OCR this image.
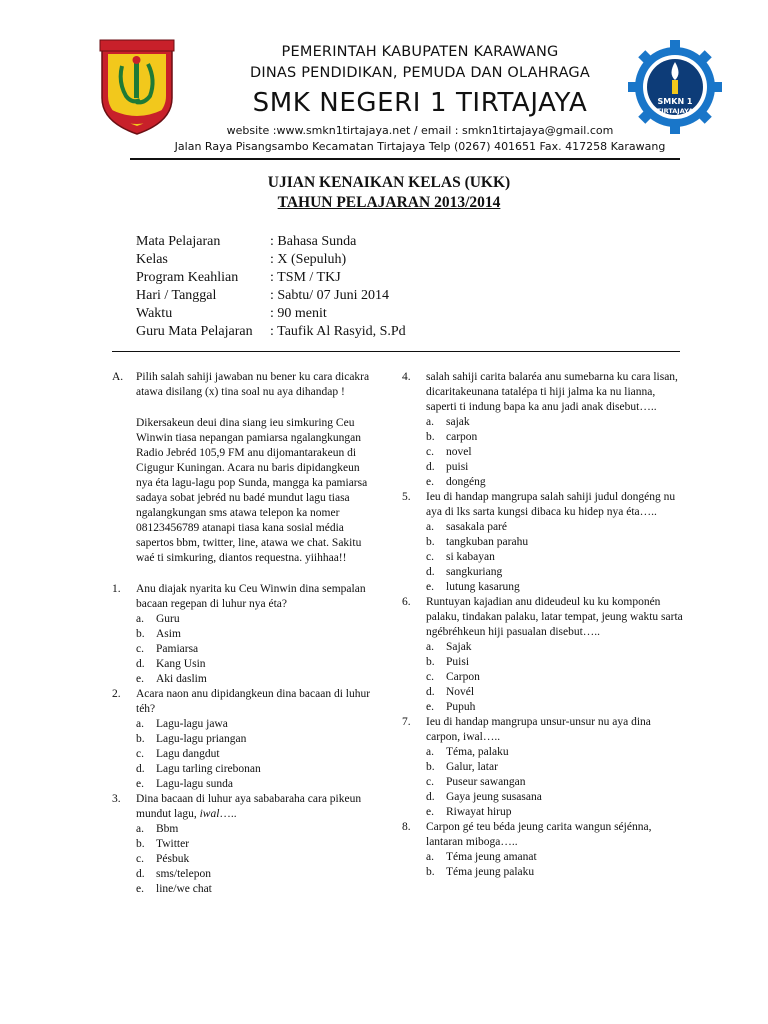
SMKN 1
TIRTAJAYA
PEMERINTAH KABUPATEN KARAWANG
DINAS PENDIDIKAN, PEMUDA DAN OLAHRAGA
SMK NEGERI 1 TIRTAJAYA
website :www.smkn1tirtajaya.net / email : smkn1tirtajaya@gmail.com
Jalan Raya Pisangsambo Kecamatan Tirtajaya Telp (0267) 401651 Fax. 417258 Karawang
UJIAN KENAIKAN KELAS (UKK)
TAHUN PELAJARAN 2013/2014
Mata Pelajaran	: Bahasa Sunda
Kelas	: X (Sepuluh)
Program Keahlian	: TSM / TKJ
Hari / Tanggal	: Sabtu/ 07 Juni 2014
Waktu	: 90 menit
Guru Mata Pelajaran	: Taufik Al Rasyid, S.Pd
A.	Pilih salah sahiji jawaban nu bener ku cara dicakra atawa disilang (x) tina soal nu aya dihandap !
Dikersakeun deui dina siang ieu simkuring Ceu Winwin tiasa nepangan pamiarsa ngalangkungan Radio Jebréd 105,9 FM anu dijomantarakeun di Cigugur Kuningan. Acara nu baris dipidangkeun nya éta lagu-lagu pop Sunda, mangga ka pamiarsa sadaya sobat jebréd nu badé mundut lagu tiasa ngalangkungan sms atawa telepon ka nomer 08123456789 atanapi tiasa kana sosial média sapertos bbm, twitter, line, atawa we chat. Sakitu waé ti simkuring, diantos requestna. yiihhaa!!
1.	Anu diajak nyarita ku Ceu Winwin dina sempalan bacaan regepan di luhur nya éta?
a.	Guru
b. Asim
c.	Pamiarsa
d. Kang Usin
e.	Aki daslim
2.	Acara naon anu dipidangkeun dina bacaan di luhur téh?
a.	Lagu-lagu jawa
b. Lagu-lagu priangan
c.	Lagu dangdut
d. Lagu tarling cirebonan
e.	Lagu-lagu sunda
3.	Dina bacaan di luhur aya sababaraha cara pikeun mundut lagu, iwal…..
a.	Bbm
b. Twitter
c.	Pésbuk
d. sms/telepon
e.	line/we chat
4.	salah sahiji carita balaréa anu sumebarna ku cara lisan, dicaritakeunana tatalépa ti hiji jalma ka nu lianna, saperti ti indung bapa ka anu jadi anak disebut…..
a.	sajak
b. carpon
c.	novel
d. puisi
e.	dongéng
5.	Ieu di handap mangrupa salah sahiji judul dongéng nu aya di lks sarta kungsi dibaca ku hidep nya éta…..
a.	sasakala paré
b. tangkuban parahu
c.	si kabayan
d. sangkuriang
e.	lutung kasarung
6.	Runtuyan kajadian anu dideudeul ku ku komponén palaku, tindakan palaku, latar tempat, jeung waktu sarta ngébréhkeun hiji pasualan disebut…..
a.	Sajak
b. Puisi
c.	Carpon
d. Novél
e.	Pupuh
7.	Ieu di handap mangrupa unsur-unsur nu aya dina carpon, iwal…..
a.	Téma, palaku
b. Galur, latar
c.	Puseur sawangan
d. Gaya jeung susasana
e.	Riwayat hirup
8.	Carpon gé teu béda jeung carita wangun séjénna, lantaran miboga…..
a.	Téma jeung amanat
b. Téma jeung palaku
